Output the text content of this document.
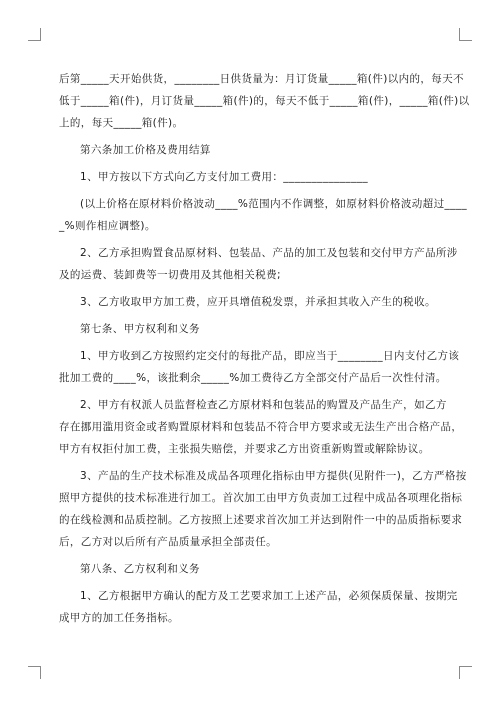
后第_____天开始供货，________日供货量为：月订货量_____箱(件)以内的，每天不
低于_____箱(件)，月订货量_____箱(件)的，每天不低于_____箱(件)，_____箱(件)以
上的，每天_____箱(件)。
第六条加工价格及费用结算
1、甲方按以下方式向乙方支付加工费用：_______________
(以上价格在原材料价格波动____%范围内不作调整，如原材料价格波动超过____
_%则作相应调整)。
2、乙方承担购置食品原材料、包装品、产品的加工及包装和交付甲方产品所涉
及的运费、装卸费等一切费用及其他相关税费;
3、乙方收取甲方加工费，应开具增值税发票，并承担其收入产生的税收。
第七条、甲方权利和义务
1、甲方收到乙方按照约定交付的每批产品，即应当于________日内支付乙方该
批加工费的____%，该批剩余_____%加工费待乙方全部交付产品后一次性付清。
2、甲方有权派人员监督检查乙方原材料和包装品的购置及产品生产，如乙方
存在挪用滥用资金或者购置原材料和包装品不符合甲方要求或无法生产出合格产品，
甲方有权拒付加工费，主张损失赔偿，并要求乙方出资重新购置或解除协议。
3、产品的生产技术标准及成品各项理化指标由甲方提供(见附件一)，乙方严格按
照甲方提供的技术标准进行加工。首次加工由甲方负责加工过程中成品各项理化指标
的在线检测和品质控制。乙方按照上述要求首次加工并达到附件一中的品质指标要求
后，乙方对以后所有产品质量承担全部责任。
第八条、乙方权利和义务
1、乙方根据甲方确认的配方及工艺要求加工上述产品，必须保质保量、按期完
成甲方的加工任务指标。
